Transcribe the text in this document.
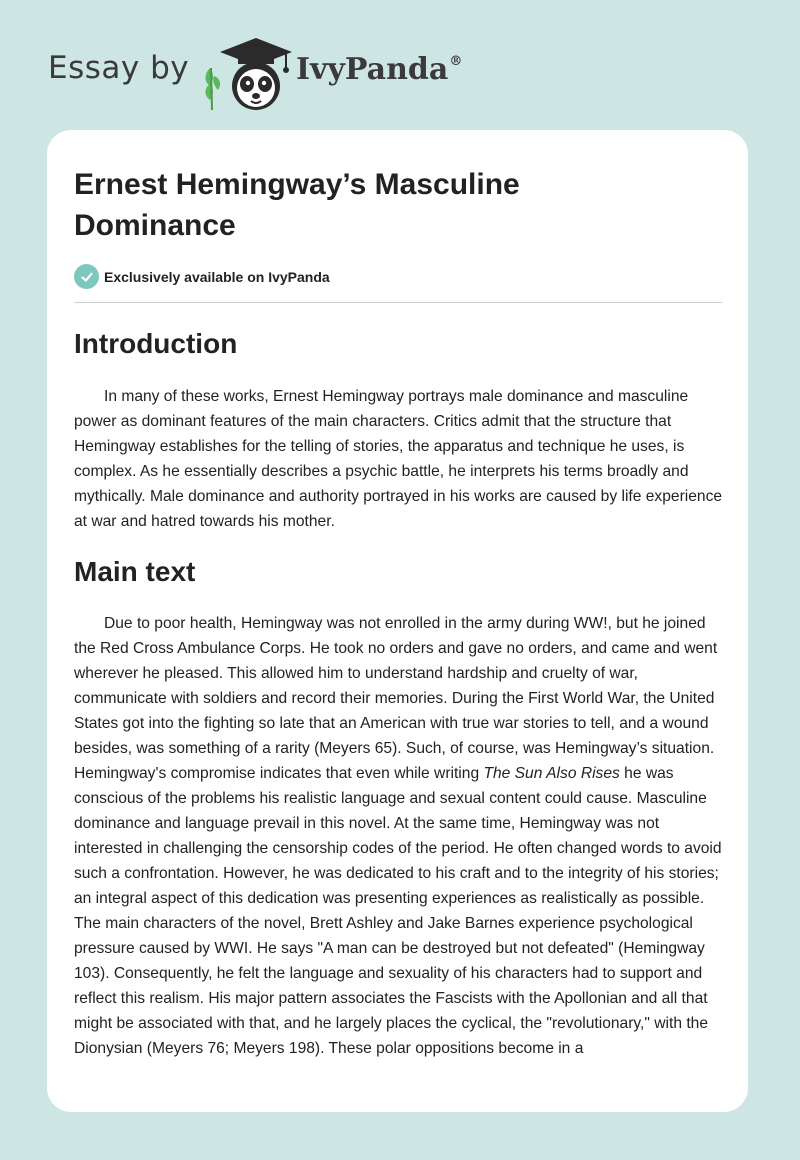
Essay by	IvyPanda®
Ernest Hemingway’s Masculine Dominance
Exclusively available on IvyPanda
Introduction

In many of these works, Ernest Hemingway portrays male dominance and masculine power as dominant features of the main characters. Critics admit that the structure that Hemingway establishes for the telling of stories, the apparatus and technique he uses, is complex. As he essentially describes a psychic battle, he interprets his terms broadly and mythically. Male dominance and authority portrayed in his works are caused by life experience at war and hatred towards his mother.

Main text

Due to poor health, Hemingway was not enrolled in the army during WW!, but he joined the Red Cross Ambulance Corps. He took no orders and gave no orders, and came and went wherever he pleased. This allowed him to understand hardship and cruelty of war, communicate with soldiers and record their memories. During the First World War, the United States got into the fighting so late that an American with true war stories to tell, and a wound besides, was something of a rarity (Meyers 65). Such, of course, was Hemingway’s situation. Hemingway's compromise indicates that even while writing The Sun Also Rises he was conscious of the problems his realistic language and sexual content could cause. Masculine dominance and language prevail in this novel. At the same time, Hemingway was not interested in challenging the censorship codes of the period. He often changed words to avoid such a confrontation. However, he was dedicated to his craft and to the integrity of his stories; an integral aspect of this dedication was presenting experiences as realistically as possible. The main characters of the novel, Brett Ashley and Jake Barnes experience psychological pressure caused by WWI. He says "A man can be destroyed but not defeated" (Hemingway 103). Consequently, he felt the language and sexuality of his characters had to support and reflect this realism. His major pattern associates the Fascists with the Apollonian and all that might be associated with that, and he largely places the cyclical, the "revolutionary," with the Dionysian (Meyers 76; Meyers 198). These polar oppositions become in a
